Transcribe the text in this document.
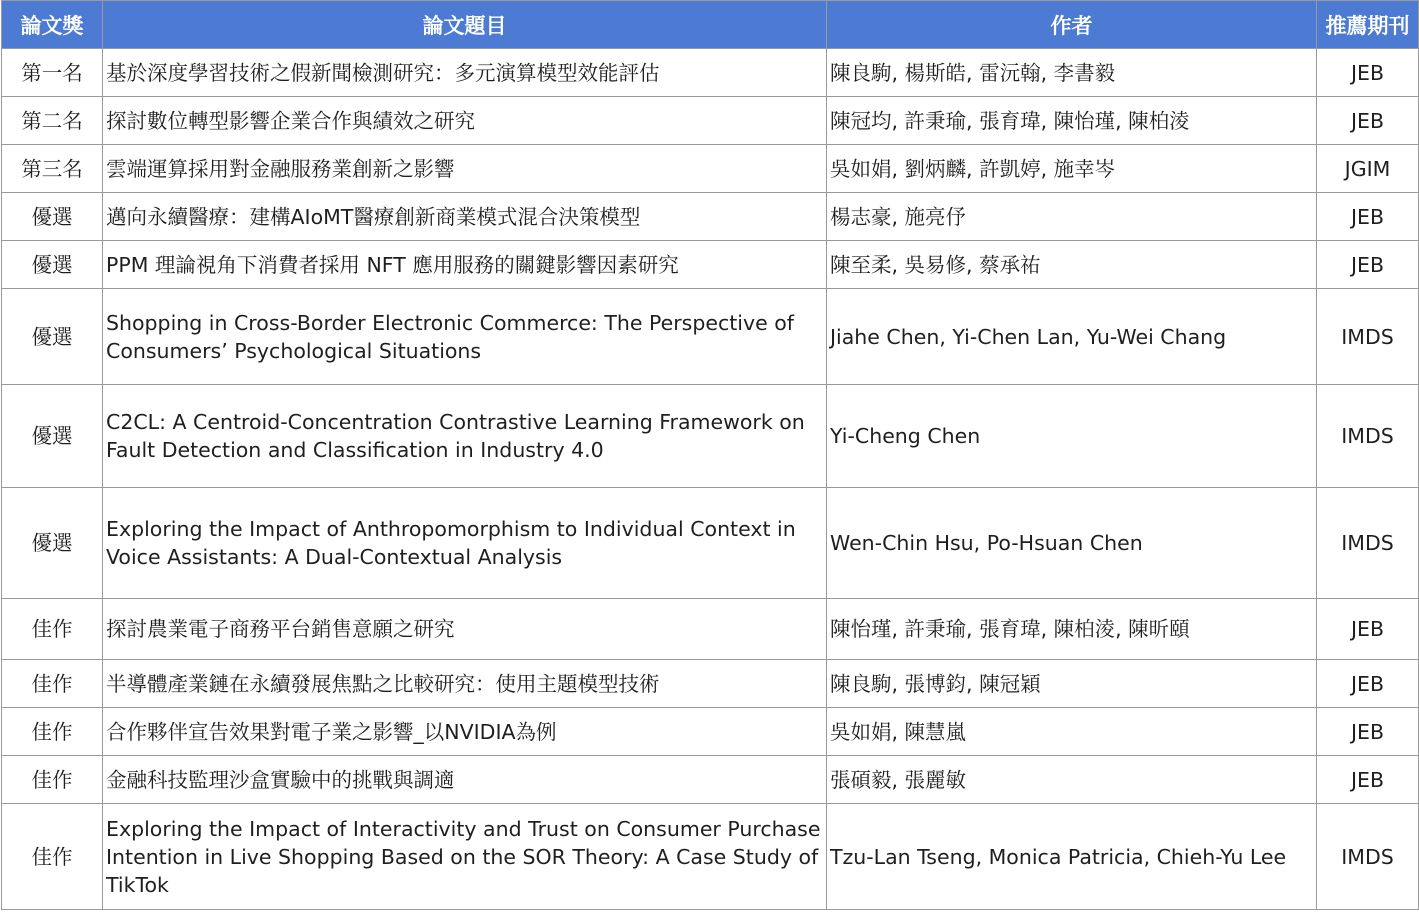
論文獎	論文題目	作者	推薦期刊
第一名	基於深度學習技術之假新聞檢測研究：多元演算模型效能評估	陳良駒, 楊斯皓, 雷沅翰, 李書毅	JEB
第二名	探討數位轉型影響企業合作與績效之研究	陳冠均, 許秉瑜, 張育瑋, 陳怡瑾, 陳柏淩	JEB
第三名	雲端運算採用對金融服務業創新之影響	吳如娟, 劉炳麟, 許凱婷, 施幸岑	JGIM
優選	邁向永續醫療：建構AIoMT醫療創新商業模式混合決策模型	楊志豪, 施亮伃	JEB
優選	PPM 理論視角下消費者採用 NFT 應用服務的關鍵影響因素研究	陳至柔, 吳易修, 蔡承祐	JEB
優選	Shopping in Cross-Border Electronic Commerce: The Perspective of Consumers’ Psychological Situations	Jiahe Chen, Yi-Chen Lan, Yu-Wei Chang	IMDS
優選	C2CL: A Centroid-Concentration Contrastive Learning Framework on Fault Detection and Classification in Industry 4.0	Yi-Cheng Chen	IMDS
優選	Exploring the Impact of Anthropomorphism to Individual Context in Voice Assistants: A Dual-Contextual Analysis	Wen-Chin Hsu, Po-Hsuan Chen	IMDS
佳作	探討農業電子商務平台銷售意願之研究	陳怡瑾, 許秉瑜, 張育瑋, 陳柏淩, 陳昕頤	JEB
佳作	半導體產業鏈在永續發展焦點之比較研究：使用主題模型技術	陳良駒, 張博鈞, 陳冠穎	JEB
佳作	合作夥伴宣告效果對電子業之影響_以NVIDIA為例	吳如娟, 陳慧嵐	JEB
佳作	金融科技監理沙盒實驗中的挑戰與調適	張碩毅, 張麗敏	JEB
佳作	Exploring the Impact of Interactivity and Trust on Consumer Purchase Intention in Live Shopping Based on the SOR Theory: A Case Study of TikTok	Tzu-Lan Tseng, Monica Patricia, Chieh-Yu Lee	IMDS
